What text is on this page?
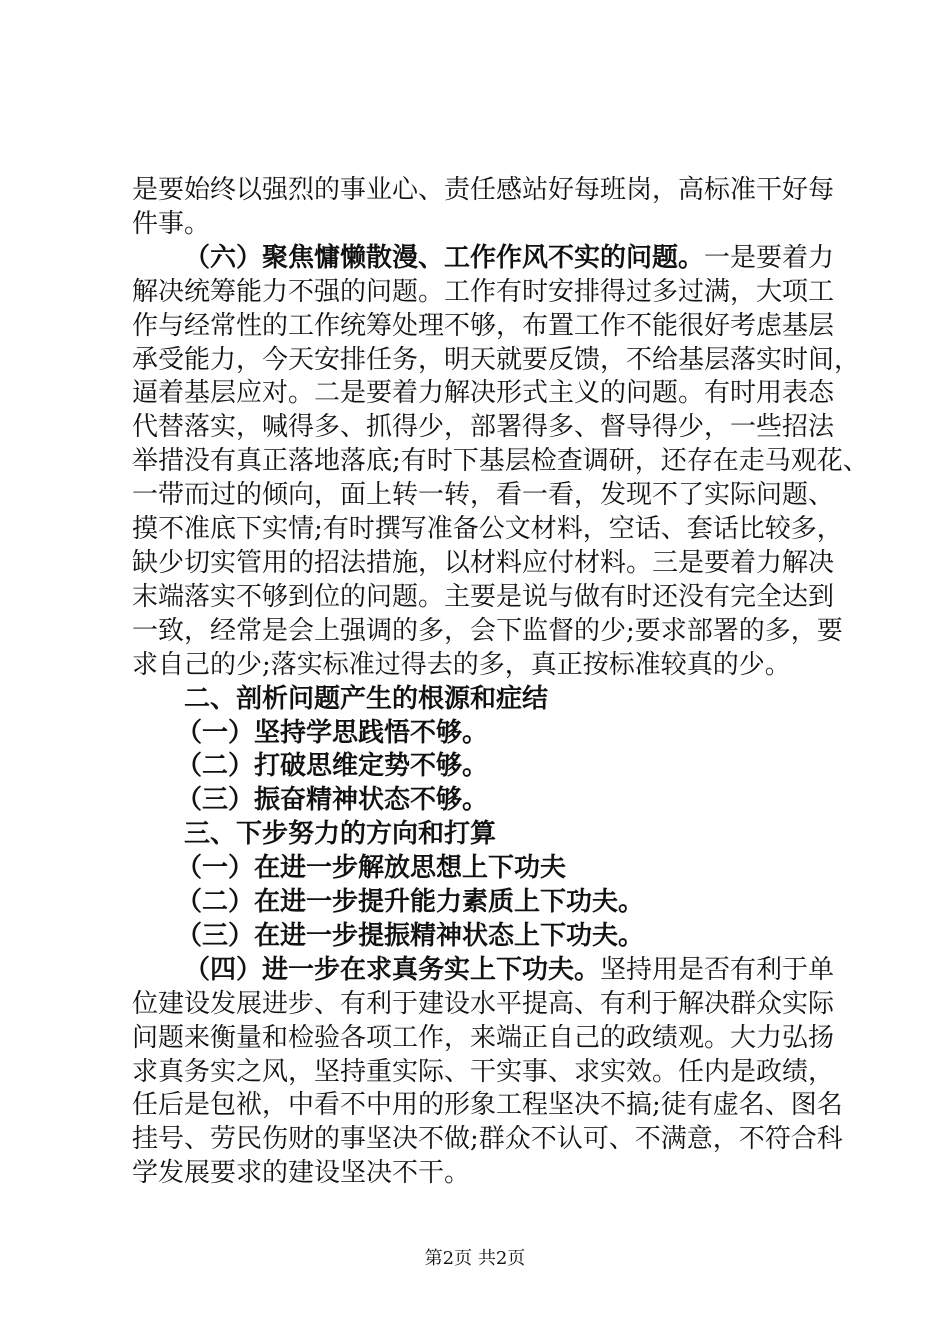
是要始终以强烈的事业心、责任感站好每班岗，高标准干好每
件事。
（六）聚焦慵懒散漫、工作作风不实的问题。一是要着力
解决统筹能力不强的问题。工作有时安排得过多过满，大项工
作与经常性的工作统筹处理不够，布置工作不能很好考虑基层
承受能力，今天安排任务，明天就要反馈，不给基层落实时间，
逼着基层应对。二是要着力解决形式主义的问题。有时用表态
代替落实，喊得多、抓得少，部署得多、督导得少，一些招法
举措没有真正落地落底;有时下基层检查调研，还存在走马观花、
一带而过的倾向，面上转一转，看一看，发现不了实际问题、
摸不准底下实情;有时撰写准备公文材料，空话、套话比较多，
缺少切实管用的招法措施，以材料应付材料。三是要着力解决
末端落实不够到位的问题。主要是说与做有时还没有完全达到
一致，经常是会上强调的多，会下监督的少;要求部署的多，要
求自己的少;落实标准过得去的多，真正按标准较真的少。
二、剖析问题产生的根源和症结
（一）坚持学思践悟不够。
（二）打破思维定势不够。
（三）振奋精神状态不够。
三、下步努力的方向和打算
（一）在进一步解放思想上下功夫
（二）在进一步提升能力素质上下功夫。
（三）在进一步提振精神状态上下功夫。
（四）进一步在求真务实上下功夫。坚持用是否有利于单
位建设发展进步、有利于建设水平提高、有利于解决群众实际
问题来衡量和检验各项工作，来端正自己的政绩观。大力弘扬
求真务实之风，坚持重实际、干实事、求实效。任内是政绩，
任后是包袱，中看不中用的形象工程坚决不搞;徒有虚名、图名
挂号、劳民伤财的事坚决不做;群众不认可、不满意，不符合科
学发展要求的建设坚决不干。
第2页 共2页
